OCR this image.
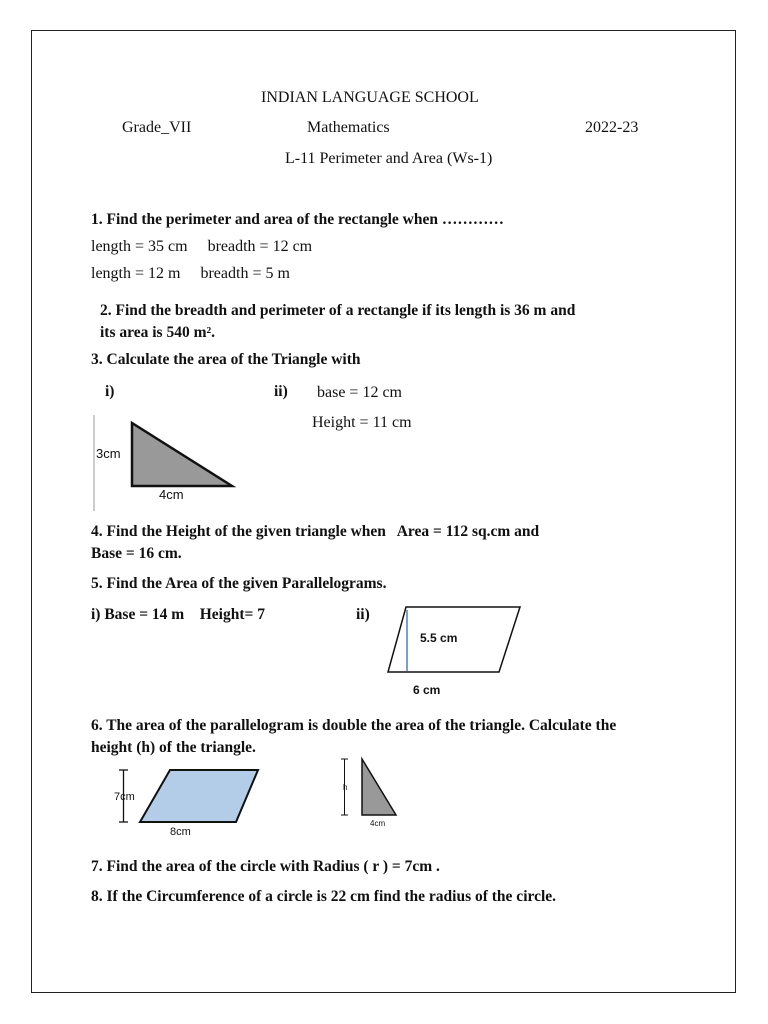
INDIAN LANGUAGE SCHOOL
Grade_VII	Mathematics	2022-23
L-11 Perimeter and Area (Ws-1)
1. Find the perimeter and area of the rectangle when …………
length = 35 cm     breadth = 12 cm
length = 12 m     breadth = 5 m
2. Find the breadth and perimeter of a rectangle if its length is 36 m and
its area is 540 m².
3. Calculate the area of the Triangle with
i)	ii) base = 12 cm
Height = 11 cm
3cm
4cm
4. Find the Height of the given triangle when   Area = 112 sq.cm and
Base = 16 cm.
5. Find the Area of the given Parallelograms.
i) Base = 14 m    Height= 7	ii)
5.5 cm
6 cm
6. The area of the parallelogram is double the area of the triangle. Calculate the
height (h) of the triangle.
7cm
8cm
h
4cm
7. Find the area of the circle with Radius ( r ) = 7cm .
8. If the Circumference of a circle is 22 cm find the radius of the circle.
